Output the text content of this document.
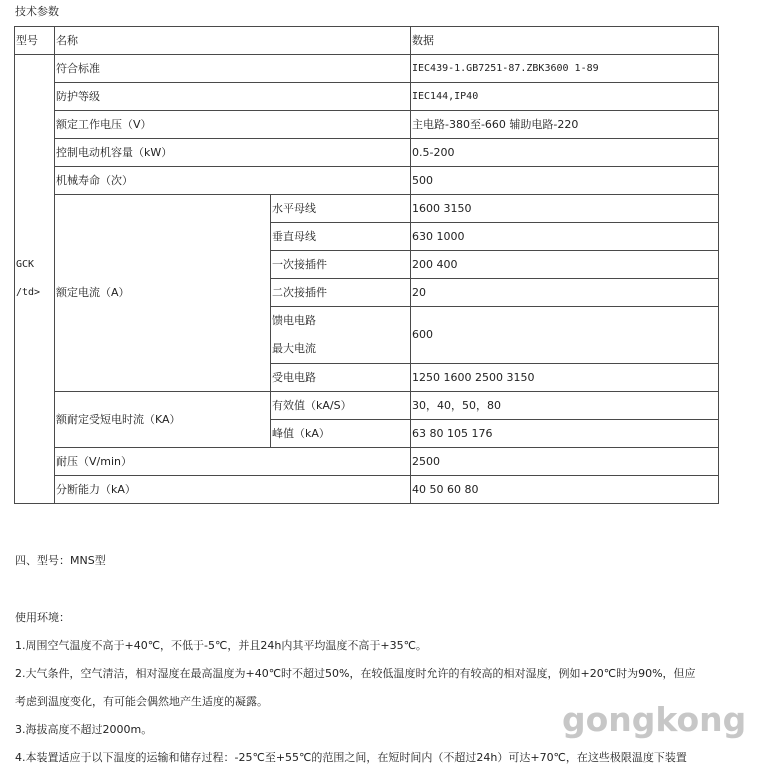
技术参数
型号	名称		数据

GCK
/td>	符合标准		IEC439-1.GB7251-87.ZBK3600 1-89
	防护等级		IEC144,IP40
	额定工作电压（V）		主电路-380至-660 辅助电路-220
	控制电动机容量（kW）		0.5-200
	机械寿命（次）		500
	额定电流（A）	水平母线	1600 3150
		垂直母线	630 1000
		一次接插件	200 400
		二次接插件	20

		馈电电路
最大电流	600
		受电电路	1250 1600 2500 3150
	额耐定受短电时流（KA）	有效值（kA/S）	30，40，50，80
		峰值（kA）	63 80 105 176
	耐压（V/min）		2500
	分断能力（kA）		40 50 60 80
四、型号：MNS型
使用环境：
1.周围空气温度不高于+40℃，不低于-5℃，并且24h内其平均温度不高于+35℃。
2.大气条件，空气清洁，相对湿度在最高温度为+40℃时不超过50%，在较低温度时允许的有较高的相对湿度，例如+20℃时为90%，但应
考虑到温度变化，有可能会偶然地产生适度的凝露。
3.海拔高度不超过2000m。
4.本装置适应于以下温度的运输和储存过程：-25℃至+55℃的范围之间，在短时间内（不超过24h）可达+70℃，在这些极限温度下装置
gongkong
